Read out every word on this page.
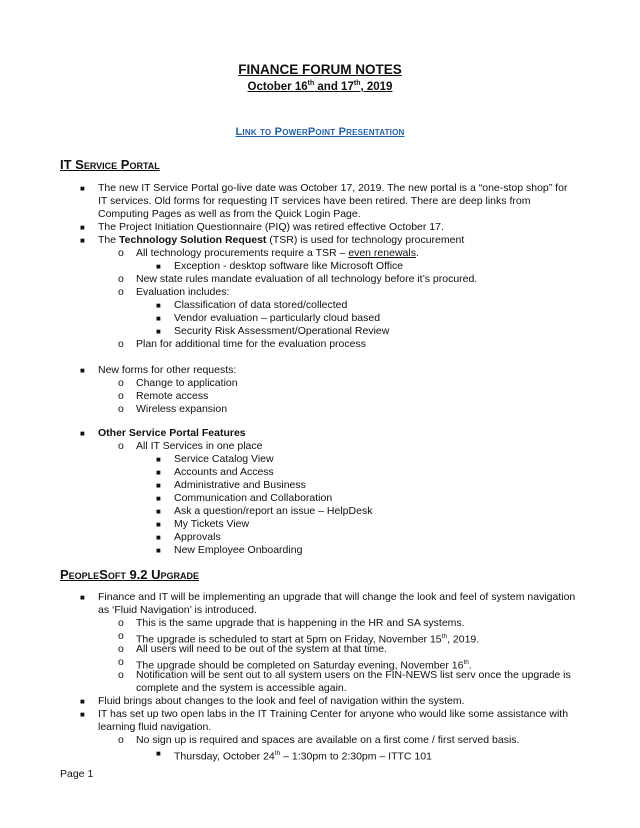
FINANCE FORUM NOTES
October 16th and 17th, 2019
Link to PowerPoint Presentation
IT Service Portal
■ The new IT Service Portal go-live date was October 17, 2019. The new portal is a “one-stop shop” for
IT services. Old forms for requesting IT services have been retired. There are deep links from
Computing Pages as well as from the Quick Login Page.
■ The Project Initiation Questionnaire (PIQ) was retired effective October 17.
■ The Technology Solution Request (TSR) is used for technology procurement
o All technology procurements require a TSR – even renewals.
■ Exception - desktop software like Microsoft Office
o New state rules mandate evaluation of all technology before it’s procured.
o Evaluation includes:
■ Classification of data stored/collected
■ Vendor evaluation – particularly cloud based
■ Security Risk Assessment/Operational Review
o Plan for additional time for the evaluation process
■ New forms for other requests:
o Change to application
o Remote access
o Wireless expansion
■ Other Service Portal Features
o All IT Services in one place
■ Service Catalog View
■ Accounts and Access
■ Administrative and Business
■ Communication and Collaboration
■ Ask a question/report an issue – HelpDesk
■ My Tickets View
■ Approvals
■ New Employee Onboarding
PeopleSoft 9.2 Upgrade
■ Finance and IT will be implementing an upgrade that will change the look and feel of system navigation
as ‘Fluid Navigation’ is introduced.
o This is the same upgrade that is happening in the HR and SA systems.
o The upgrade is scheduled to start at 5pm on Friday, November 15th, 2019.
o All users will need to be out of the system at that time.
o The upgrade should be completed on Saturday evening, November 16th.
o Notification will be sent out to all system users on the FIN-NEWS list serv once the upgrade is
complete and the system is accessible again.
■ Fluid brings about changes to the look and feel of navigation within the system.
■ IT has set up two open labs in the IT Training Center for anyone who would like some assistance with
learning fluid navigation.
o No sign up is required and spaces are available on a first come / first served basis.
■ Thursday, October 24th – 1:30pm to 2:30pm – ITTC 101
Page 1
